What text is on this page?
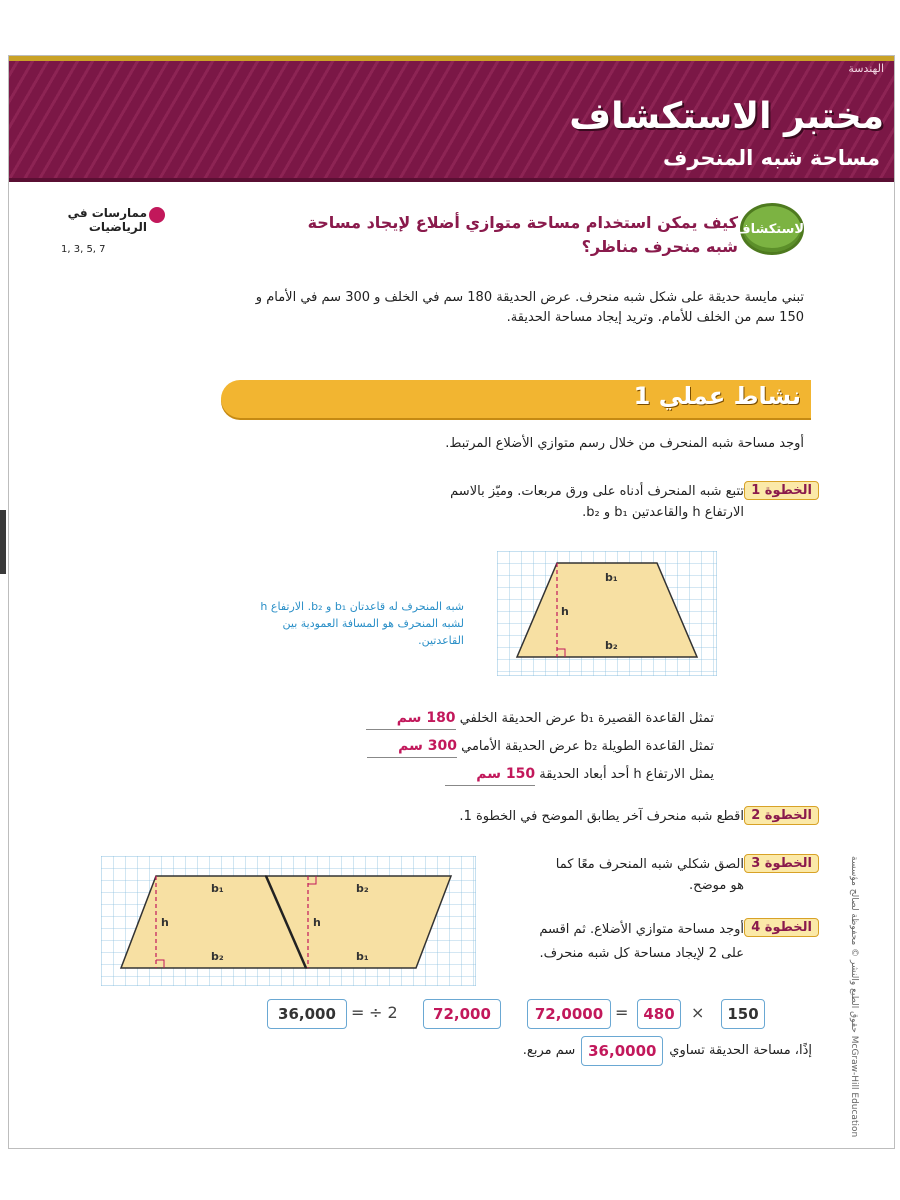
الهندسة
مختبر الاستكشاف
مساحة شبه المنحرف
الاستكشاف
كيف يمكن استخدام مساحة متوازي أضلاع لإيجاد مساحة شبه منحرف مناظر؟
ممارسات في الرياضيات
1, 3, 5, 7
تبني مايسة حديقة على شكل شبه منحرف. عرض الحديقة 180 سم في الخلف و 300 سم في الأمام و 150 سم من الخلف للأمام. وتريد إيجاد مساحة الحديقة.
نشاط عملي 1
أوجد مساحة شبه المنحرف من خلال رسم متوازي الأضلاع المرتبط.
الخطوة 1
تتبع شبه المنحرف أدناه على ورق مربعات. وميّز بالاسم الارتفاع h والقاعدتين b₁ و b₂.
b₁
h
b₂
شبه المنحرف له قاعدتان b₁ و b₂. الارتفاع h لشبه المنحرف هو المسافة العمودية بين القاعدتين.
تمثل القاعدة القصيرة b₁ عرض الحديقة الخلفي 180 سم
تمثل القاعدة الطويلة b₂ عرض الحديقة الأمامي 300 سم
يمثل الارتفاع h أحد أبعاد الحديقة 150 سم
الخطوة 2
اقطع شبه منحرف آخر يطابق الموضح في الخطوة 1.
الخطوة 3
الصق شكلي شبه المنحرف معًا كما هو موضح.
b₁
h
b₂
b₂
h
b₁
الخطوة 4
أوجد مساحة متوازي الأضلاع. ثم اقسم على 2 لإيجاد مساحة كل شبه منحرف.
150
×
480
=
72,0000
72,000
÷ 2
=
36,000
إذًا، مساحة الحديقة تساوي
36,0000
سم مربع.
حقوق الطبع والنشر © محفوظة لصالح مؤسسة McGraw-Hill Education
